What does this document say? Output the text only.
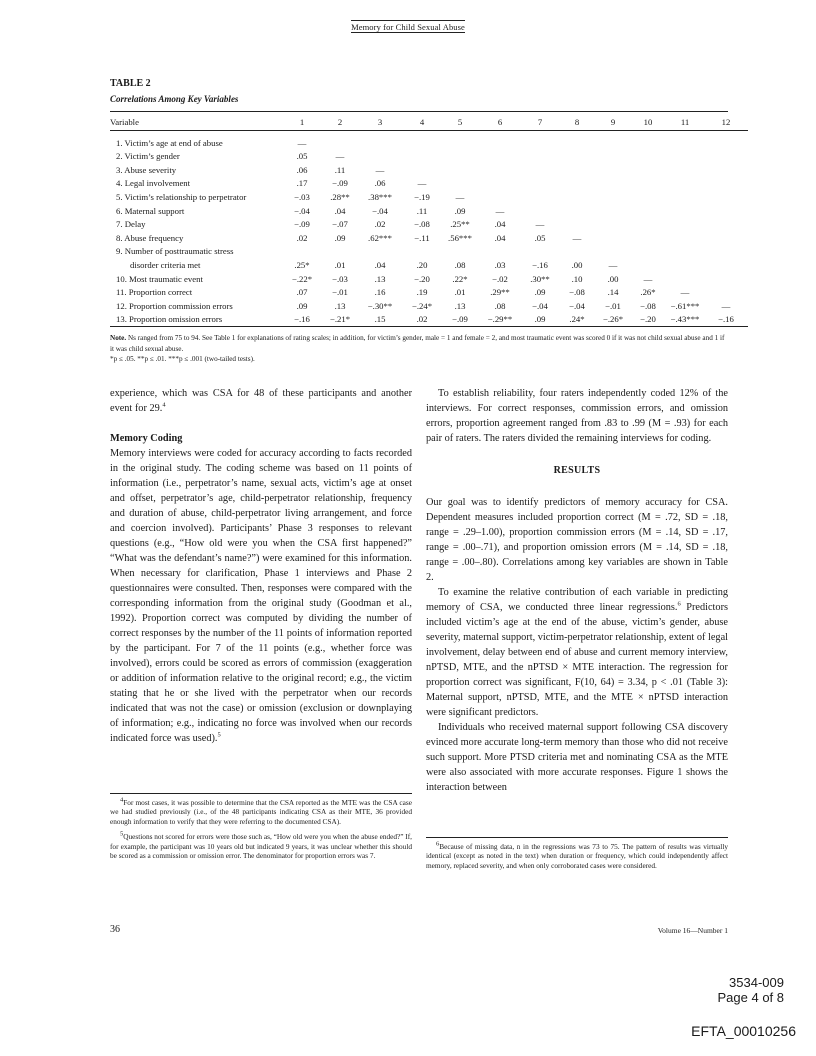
Memory for Child Sexual Abuse
TABLE 2
Correlations Among Key Variables
Variable	1	2	3	4	5	6	7	8	9	10	11	12
1. Victim’s age at end of abuse	—											
2. Victim’s gender	.05	—										
3. Abuse severity	.06	.11	—									
4. Legal involvement	.17	−.09	.06	—								
5. Victim’s relationship to perpetrator	−.03	.28**	.38***	−.19	—							
6. Maternal support	−.04	.04	−.04	.11	.09	—						
7. Delay	−.09	−.07	.02	−.08	.25**	.04	—					
8. Abuse frequency	.02	.09	.62***	−.11	.56***	.04	.05	—				
9. Number of posttraumatic stress												
disorder criteria met	.25*	.01	.04	.20	.08	.03	−.16	.00	—			
10. Most traumatic event	−.22*	−.03	.13	−.20	.22*	−.02	.30**	.10	.00	—		
11. Proportion correct	.07	−.01	.16	.19	.01	.29**	.09	−.08	.14	.26*	—	
12. Proportion commission errors	.09	.13	−.30**	−.24*	.13	.08	−.04	−.04	−.01	−.08	−.61***	—
13. Proportion omission errors	−.16	−.21*	.15	.02	−.09	−.29**	.09	.24*	−.26*	−.20	−.43***	−.16
Note. Ns ranged from 75 to 94. See Table 1 for explanations of rating scales; in addition, for victim’s gender, male = 1 and female = 2, and most traumatic event was scored 0 if it was not child sexual abuse and 1 if it was child sexual abuse.
*p ≤ .05. **p ≤ .01. ***p ≤ .001 (two-tailed tests).

experience, which was CSA for 48 of these participants and another event for 29.$^4$

Memory Coding

Memory interviews were coded for accuracy according to facts recorded in the original study. The coding scheme was based on 11 points of information (i.e., perpetrator’s name, sexual acts, victim’s age at onset and offset, perpetrator’s age, child-perpetrator relationship, frequency and duration of abuse, child-perpetrator living arrangement, and force and coercion involved). Participants’ Phase 3 responses to relevant questions (e.g., “How old were you when the CSA first happened?” “What was the defendant’s name?”) were examined for this information. When necessary for clarification, Phase 1 interviews and Phase 2 questionnaires were consulted. Then, responses were compared with the corresponding information from the original study (Goodman et al., 1992). Proportion correct was computed by dividing the number of correct responses by the number of the 11 points of information reported by the participant. For 7 of the 11 points (e.g., whether force was involved), errors could be scored as errors of commission (exaggeration or addition of information relative to the original record; e.g., the victim stating that he or she lived with the perpetrator when our records indicated that was not the case) or omission (exclusion or downplaying of information; e.g., indicating no force was involved when our records indicated force was used).$^5$

$^4$For most cases, it was possible to determine that the CSA reported as the MTE was the CSA case we had studied previously (i.e., of the 48 participants indicating CSA as their MTE, 36 provided enough information to verify that they were referring to the documented CSA).

$^5$Questions not scored for errors were those such as, “How old were you when the abuse ended?” If, for example, the participant was 10 years old but indicated 9 years, it was unclear whether this should be scored as a commission or omission error. The denominator for proportion errors was 7.

To establish reliability, four raters independently coded 12% of the interviews. For correct responses, commission errors, and omission errors, proportion agreement ranged from .83 to .99 (M = .93) for each pair of raters. The raters divided the remaining interviews for coding.

RESULTS

Our goal was to identify predictors of memory accuracy for CSA. Dependent measures included proportion correct (M = .72, SD = .18, range = .29–1.00), proportion commission errors (M = .14, SD = .17, range = .00–.71), and proportion omission errors (M = .14, SD = .18, range = .00–.80). Correlations among key variables are shown in Table 2.

To examine the relative contribution of each variable in predicting memory of CSA, we conducted three linear regressions.$^6$ Predictors included victim’s age at the end of the abuse, victim’s gender, abuse severity, maternal support, victim-perpetrator relationship, extent of legal involvement, delay between end of abuse and current memory interview, nPTSD, MTE, and the nPTSD × MTE interaction. The regression for proportion correct was significant, F(10, 64) = 3.34, p < .01 (Table 3): Maternal support, nPTSD, MTE, and the MTE × nPTSD interaction were significant predictors.

Individuals who received maternal support following CSA discovery evinced more accurate long-term memory than those who did not receive such support. More PTSD criteria met and nominating CSA as the MTE were also associated with more accurate responses. Figure 1 shows the interaction between

$^6$Because of missing data, n in the regressions was 73 to 75. The pattern of results was virtually identical (except as noted in the text) when duration or frequency, which could independently affect memory, replaced severity, and when only corroborated cases were considered.

36	Volume 16—Number 1
3534-009
Page 4 of 8
EFTA_00010256
